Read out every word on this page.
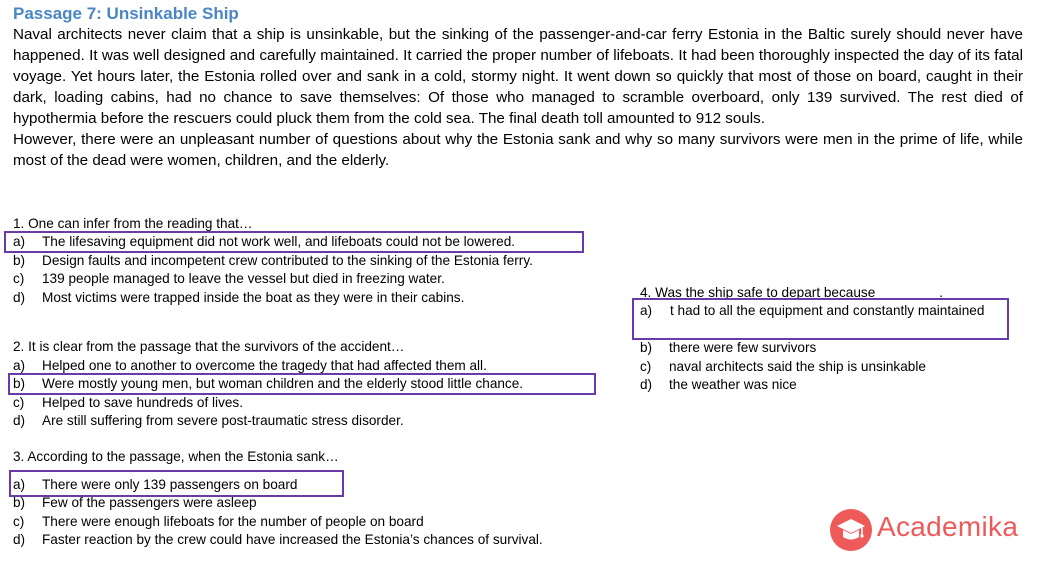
Passage 7: Unsinkable Ship

Naval architects never claim that a ship is unsinkable, but the sinking of the passenger-and-car ferry Estonia in the Baltic surely should never have happened. It was well designed and carefully maintained. It carried the proper number of lifeboats. It had been thoroughly inspected the day of its fatal voyage. Yet hours later, the Estonia rolled over and sank in a cold, stormy night. It went down so quickly that most of those on board, caught in their dark, loading cabins, had no chance to save themselves: Of those who managed to scramble overboard, only 139 survived. The rest died of hypothermia before the rescuers could pluck them from the cold sea. The final death toll amounted to 912 souls.

However, there were an unpleasant number of questions about why the Estonia sank and why so many survivors were men in the prime of life, while most of the dead were women, children, and the elderly.

1. One can infer from the reading that…
a) The lifesaving equipment did not work well, and lifeboats could not be lowered.
b) Design faults and incompetent crew contributed to the sinking of the Estonia ferry.
c) 139 people managed to leave the vessel but died in freezing water.
d) Most victims were trapped inside the boat as they were in their cabins.
2. It is clear from the passage that the survivors of the accident…
a) Helped one to another to overcome the tragedy that had affected them all.
b) Were mostly young men, but woman children and the elderly stood little chance.
c) Helped to save hundreds of lives.
d) Are still suffering from severe post-traumatic stress disorder.
3. According to the passage, when the Estonia sank…
a) There were only 139 passengers on board
b) Few of the passengers were asleep
c) There were enough lifeboats for the number of people on board
d) Faster reaction by the crew could have increased the Estonia’s chances of survival.
4. Was the ship safe to depart because	.
a)	t had to all the equipment and constantly maintained
b) there were few survivors
c) naval architects said the ship is unsinkable
d) the weather was nice
Academika
